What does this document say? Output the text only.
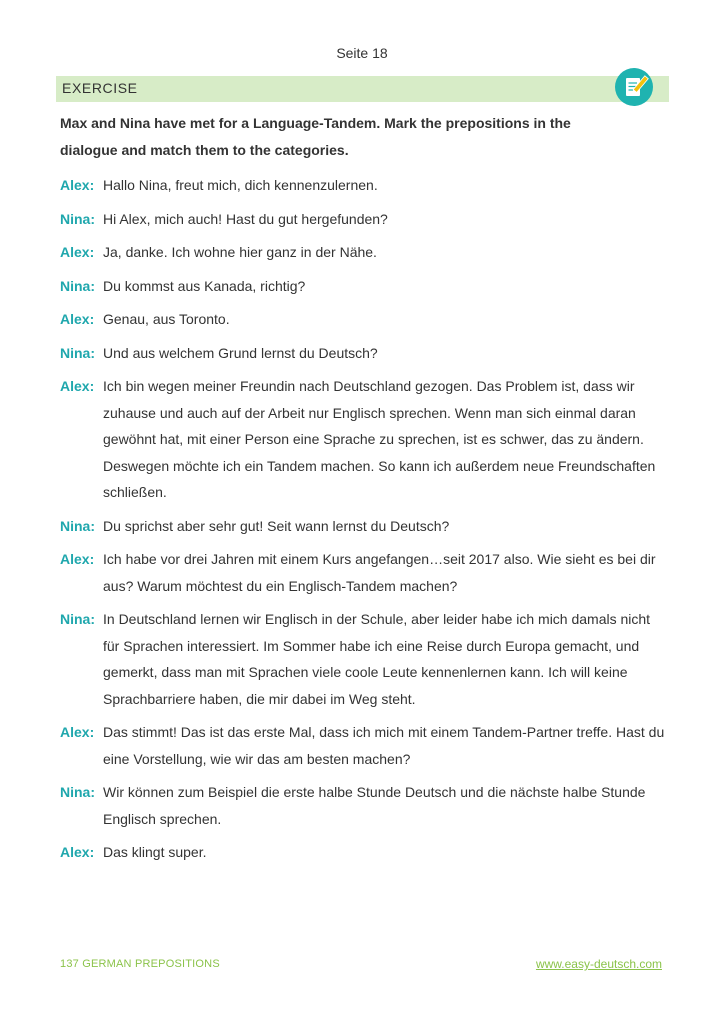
Seite 18
EXERCISE
Max and Nina have met for a Language-Tandem. Mark the prepositions in the dialogue and match them to the categories.
Alex: Hallo Nina, freut mich, dich kennenzulernen.
Nina: Hi Alex, mich auch! Hast du gut hergefunden?
Alex: Ja, danke. Ich wohne hier ganz in der Nähe.
Nina: Du kommst aus Kanada, richtig?
Alex: Genau, aus Toronto.
Nina: Und aus welchem Grund lernst du Deutsch?
Alex: Ich bin wegen meiner Freundin nach Deutschland gezogen. Das Problem ist, dass wir zuhause und auch auf der Arbeit nur Englisch sprechen. Wenn man sich einmal daran gewöhnt hat, mit einer Person eine Sprache zu sprechen, ist es schwer, das zu ändern. Deswegen möchte ich ein Tandem machen. So kann ich außerdem neue Freundschaften schließen.
Nina: Du sprichst aber sehr gut! Seit wann lernst du Deutsch?
Alex: Ich habe vor drei Jahren mit einem Kurs angefangen…seit 2017 also. Wie sieht es bei dir aus? Warum möchtest du ein Englisch-Tandem machen?
Nina: In Deutschland lernen wir Englisch in der Schule, aber leider habe ich mich damals nicht für Sprachen interessiert. Im Sommer habe ich eine Reise durch Europa gemacht, und gemerkt, dass man mit Sprachen viele coole Leute kennenlernen kann. Ich will keine Sprachbarriere haben, die mir dabei im Weg steht.
Alex: Das stimmt! Das ist das erste Mal, dass ich mich mit einem Tandem-Partner treffe. Hast du eine Vorstellung, wie wir das am besten machen?
Nina: Wir können zum Beispiel die erste halbe Stunde Deutsch und die nächste halbe Stunde Englisch sprechen.
Alex: Das klingt super.
137 GERMAN PREPOSITIONS	www.easy-deutsch.com
